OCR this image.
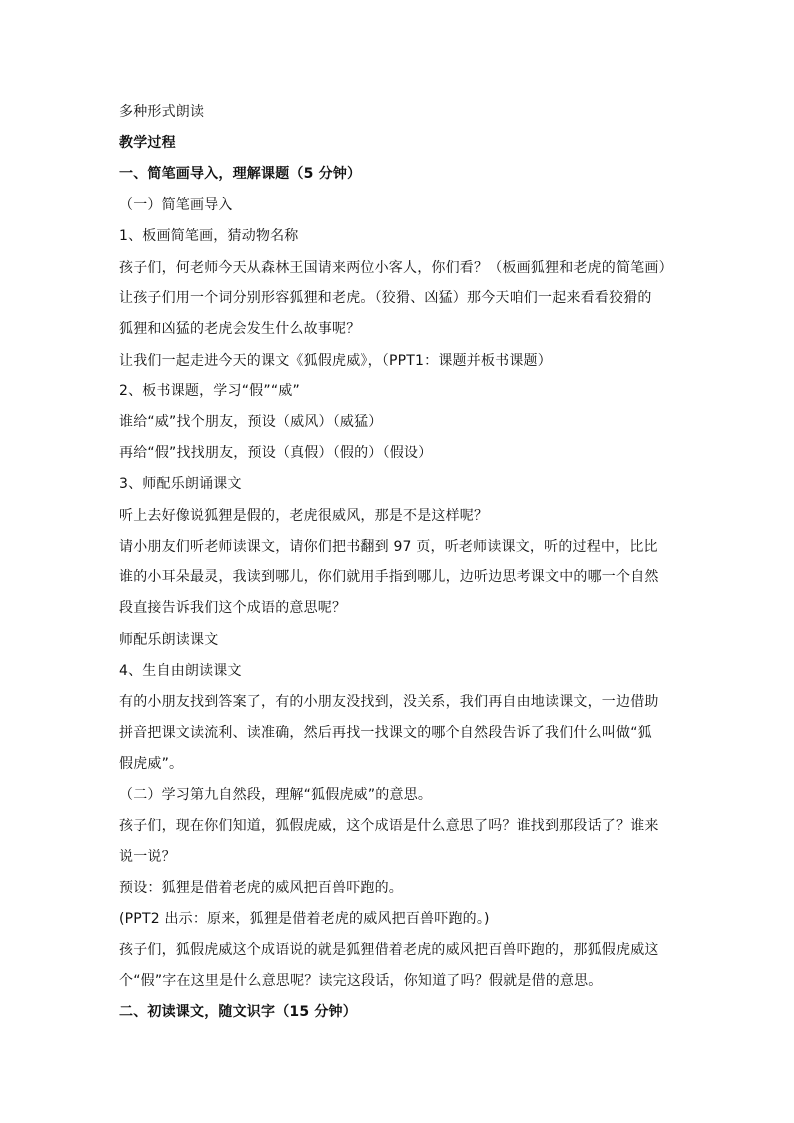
多种形式朗读
教学过程
一、简笔画导入，理解课题（5 分钟）
（一）简笔画导入
1、板画简笔画，猜动物名称
孩子们，何老师今天从森林王国请来两位小客人，你们看？（板画狐狸和老虎的简笔画）
让孩子们用一个词分别形容狐狸和老虎。（狡猾、凶猛）那今天咱们一起来看看狡猾的
狐狸和凶猛的老虎会发生什么故事呢？
让我们一起走进今天的课文《狐假虎威》，（PPT1：课题并板书课题）
2、板书课题，学习“假”“威”
谁给“威”找个朋友，预设（威风）（威猛）
再给“假”找找朋友，预设（真假）（假的）（假设）
3、师配乐朗诵课文
听上去好像说狐狸是假的，老虎很威风，那是不是这样呢？
请小朋友们听老师读课文，请你们把书翻到 97 页，听老师读课文，听的过程中，比比
谁的小耳朵最灵，我读到哪儿，你们就用手指到哪儿，边听边思考课文中的哪一个自然
段直接告诉我们这个成语的意思呢？
师配乐朗读课文
4、生自由朗读课文
有的小朋友找到答案了，有的小朋友没找到，没关系，我们再自由地读课文，一边借助
拼音把课文读流利、读准确，然后再找一找课文的哪个自然段告诉了我们什么叫做“狐
假虎威”。
（二）学习第九自然段，理解“狐假虎威”的意思。
孩子们，现在你们知道，狐假虎威，这个成语是什么意思了吗？谁找到那段话了？谁来
说一说？
预设：狐狸是借着老虎的威风把百兽吓跑的。
(PPT2 出示：原来，狐狸是借着老虎的威风把百兽吓跑的。)
孩子们，狐假虎威这个成语说的就是狐狸借着老虎的威风把百兽吓跑的，那狐假虎威这
个“假”字在这里是什么意思呢？读完这段话，你知道了吗？假就是借的意思。
二、初读课文，随文识字（15 分钟）
